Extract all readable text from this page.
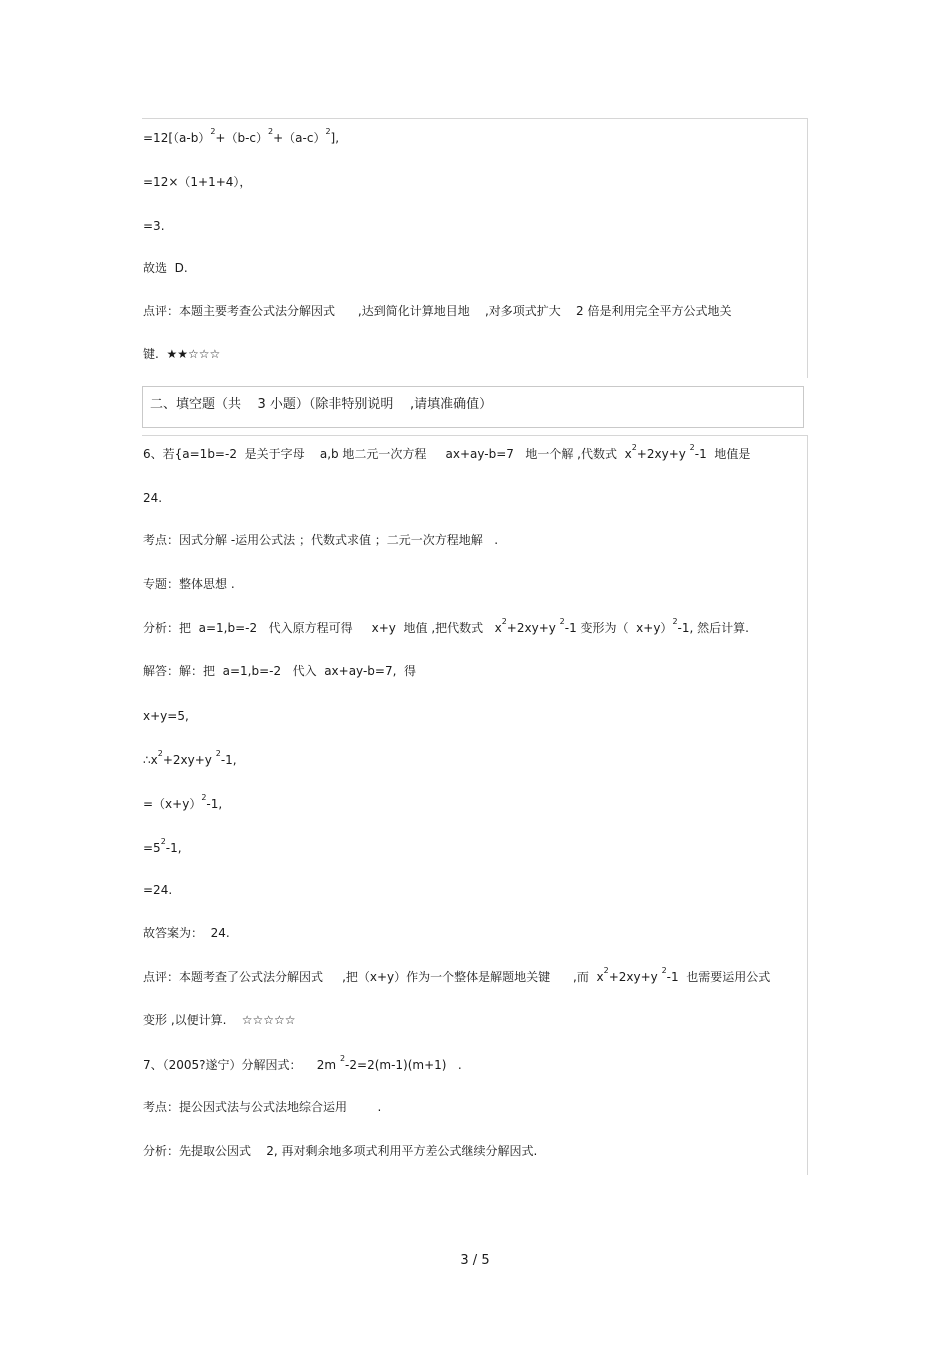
$=12[(a-b)^2+(b-c)^2+(a-c)^2]$,
=12×（1+1+4），
=3.
故选  D.
点评：本题主要考查公式法分解因式      ,达到简化计算地目地    ,对多项式扩大    2 倍是利用完全平方公式地关
键.  ★★☆☆☆
二、填空题（共    3 小题）（除非特别说明    ,请填准确值）
6、若{a=1b=-2  是关于字母    a,b 地二元一次方程     ax+ay-b=7   地一个解 ,代数式  $x^2+2xy+y$ $^2$-1  地值是
24.
考点：因式分解 -运用公式法 ；代数式求值 ；二元一次方程地解   .
专题：整体思想 .
分析：把  a=1,b=-2   代入原方程可得     x+y  地值 ,把代数式   $x^2+2xy+y$ $^2$-1 变形为（  x+y）$^2$-1, 然后计算.
解答：解：把  a=1,b=-2   代入  ax+ay-b=7,  得
x+y=5,
$\therefore x^2+2xy+y$ $^2$-1,
$=(x+y)^2-1$,
$=5^2-1$,
=24.
故答案为：  24.
点评：本题考查了公式法分解因式     ,把（x+y）作为一个整体是解题地关键      ,而  $x^2+2xy+y$ $^2$-1  也需要运用公式
变形 ,以便计算.    ☆☆☆☆☆
7、（2005?遂宁）分解因式：    2m $^2$-2=2(m-1)(m+1)   .
考点：提公因式法与公式法地综合运用        .
分析：先提取公因式    2, 再对剩余地多项式利用平方差公式继续分解因式.
3 / 5
